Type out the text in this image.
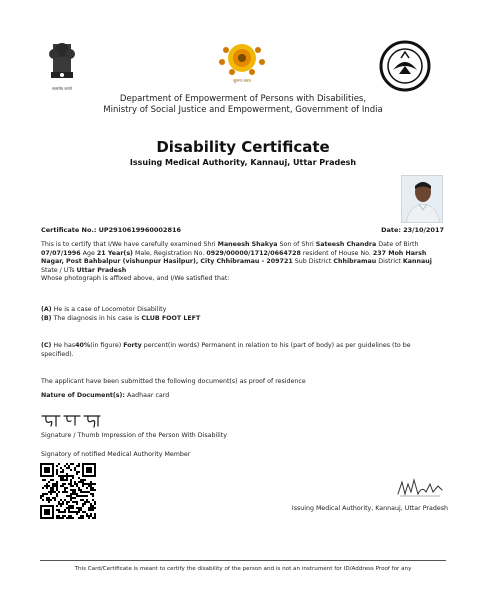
सत्यमेव जयते
सुगम्य भारत
Department of Empowerment of Persons with Disabilities,
Ministry of Social Justice and Empowerment, Government of India
Disability Certificate
Issuing Medical Authority, Kannauj, Uttar Pradesh
Certificate No.: UP2910619960002816	Date: 23/10/2017
This is to certify that I/We have carefully examined Shri Maneesh Shakya Son of Shri Sateesh Chandra Date of Birth 07/07/1996 Age 21 Year(s) Male, Registration No. 0929/00000/1712/0664728 resident of House No. 237 Moh Harsh Nagar, Post Bahbalpur (vishunpur Hasilpur), City Chhibramau - 209721 Sub District Chhibramau District Kannauj State / UTs Uttar Pradesh
Whose photograph is affixed above, and I/We satisfied that:
(A) He is a case of Locomotor Disability
(B) The diagnosis in his case is CLUB FOOT LEFT
(C) He has40%(in figure) Forty percent(in words) Permanent in relation to his (part of body) as per guidelines (to be specified).
The applicant have been submitted the following document(s) as proof of residence
Nature of Document(s): Aadhaar card
Signature / Thumb Impression of the Person With Disability
Signatory of notified Medical Authority Member
Issuing Medical Authority, Kannauj, Uttar Pradesh
This Card/Certificate is meant to certify the disability of the person and is not an instrument for ID/Address Proof for any
